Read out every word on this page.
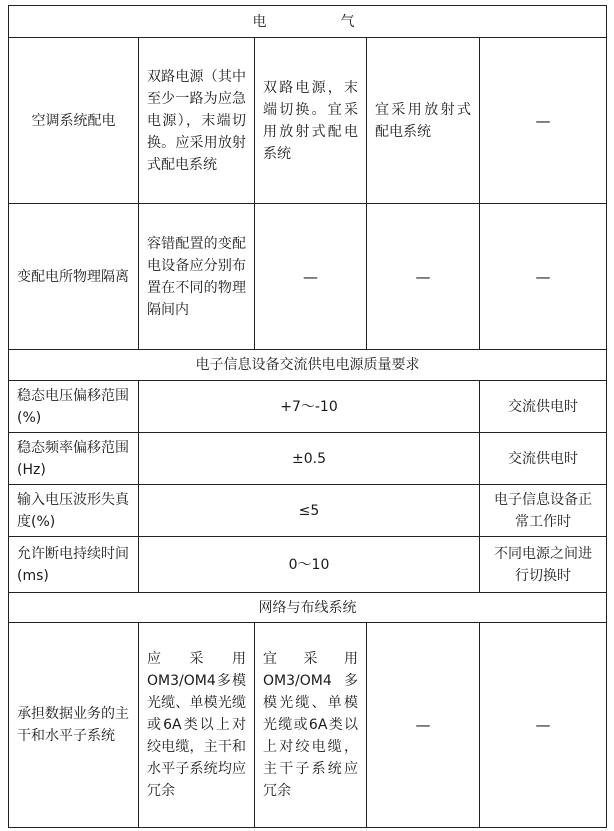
电　气				
空调系统配电	双路电源（其中至少一路为应急电源），末端切换。应采用放射式配电系统	双路电源，末端切换。宜采用放射式配电系统	宜采用放射式配电系统	—
变配电所物理隔离	容错配置的变配电设备应分别布置在不同的物理隔间内	—	—	—
电子信息设备交流供电电源质量要求				
稳态电压偏移范围(%)	+7～-10			交流供电时
稳态频率偏移范围(Hz)	±0.5			交流供电时
输入电压波形失真度(%)	≤5			电子信息设备正常工作时
允许断电持续时间(ms)	0～10			不同电源之间进行切换时
网络与布线系统				
承担数据业务的主干和水平子系统	应采用OM3/OM4多模光缆、单模光缆或6A类以上对绞电缆，主干和水平子系统均应冗余	宜采用OM3/OM4多模光缆、单模光缆或6A类以上对绞电缆，主干子系统应冗余	—	—
